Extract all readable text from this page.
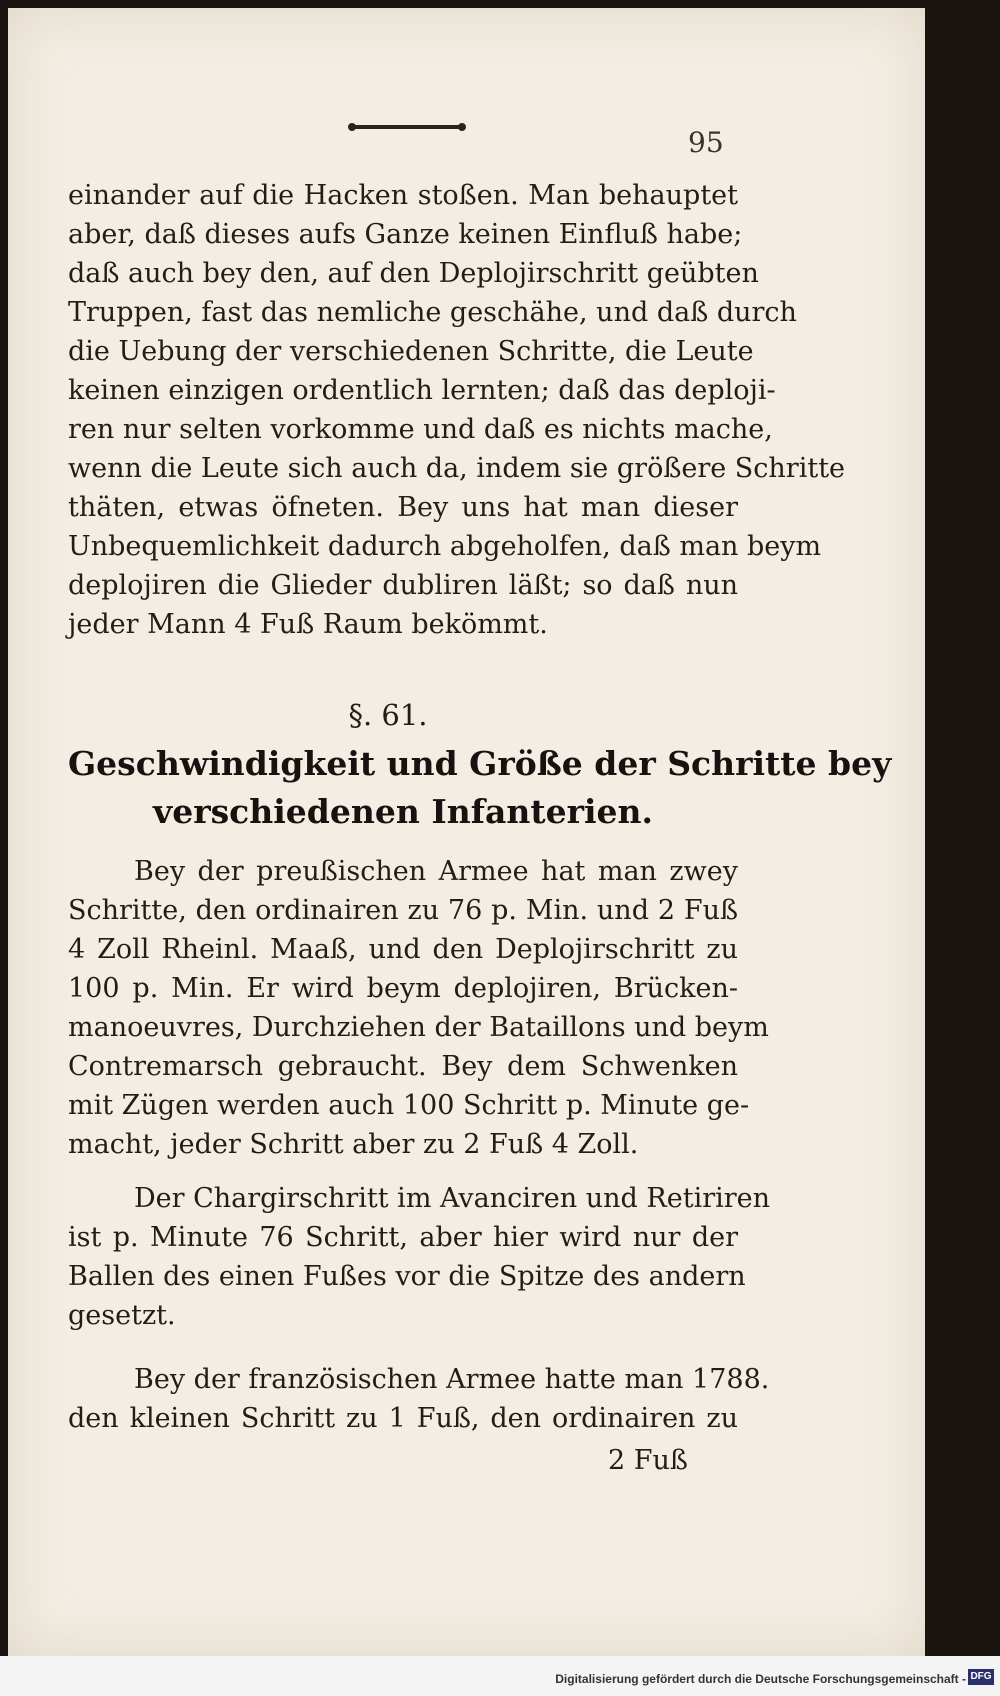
95
einander auf die Hacken stoßen. Man behauptet
aber, daß dieses aufs Ganze keinen Einfluß habe;
daß auch bey den, auf den Deplojirschritt geübten
Truppen, fast das nemliche geschähe, und daß durch
die Uebung der verschiedenen Schritte, die Leute
keinen einzigen ordentlich lernten; daß das deploji-
ren nur selten vorkomme und daß es nichts mache,
wenn die Leute sich auch da, indem sie größere Schritte
thäten, etwas öfneten. Bey uns hat man dieser
Unbequemlichkeit dadurch abgeholfen, daß man beym
deplojiren die Glieder dubliren läßt; so daß nun
jeder Mann 4 Fuß Raum bekömmt.
§. 61.
Geschwindigkeit und Größe der Schritte bey
verschiedenen Infanterien.
Bey der preußischen Armee hat man zwey
Schritte, den ordinairen zu 76 p. Min. und 2 Fuß
4 Zoll Rheinl. Maaß, und den Deplojirschritt zu
100 p. Min. Er wird beym deplojiren, Brücken-
manoeuvres, Durchziehen der Bataillons und beym
Contremarsch gebraucht. Bey dem Schwenken
mit Zügen werden auch 100 Schritt p. Minute ge-
macht, jeder Schritt aber zu 2 Fuß 4 Zoll.
Der Chargirschritt im Avanciren und Retiriren
ist p. Minute 76 Schritt, aber hier wird nur der
Ballen des einen Fußes vor die Spitze des andern
gesetzt.
Bey der französischen Armee hatte man 1788.
den kleinen Schritt zu 1 Fuß, den ordinairen zu
2 Fuß
Digitalisierung gefördert durch die Deutsche Forschungsgemeinschaft - DFG
